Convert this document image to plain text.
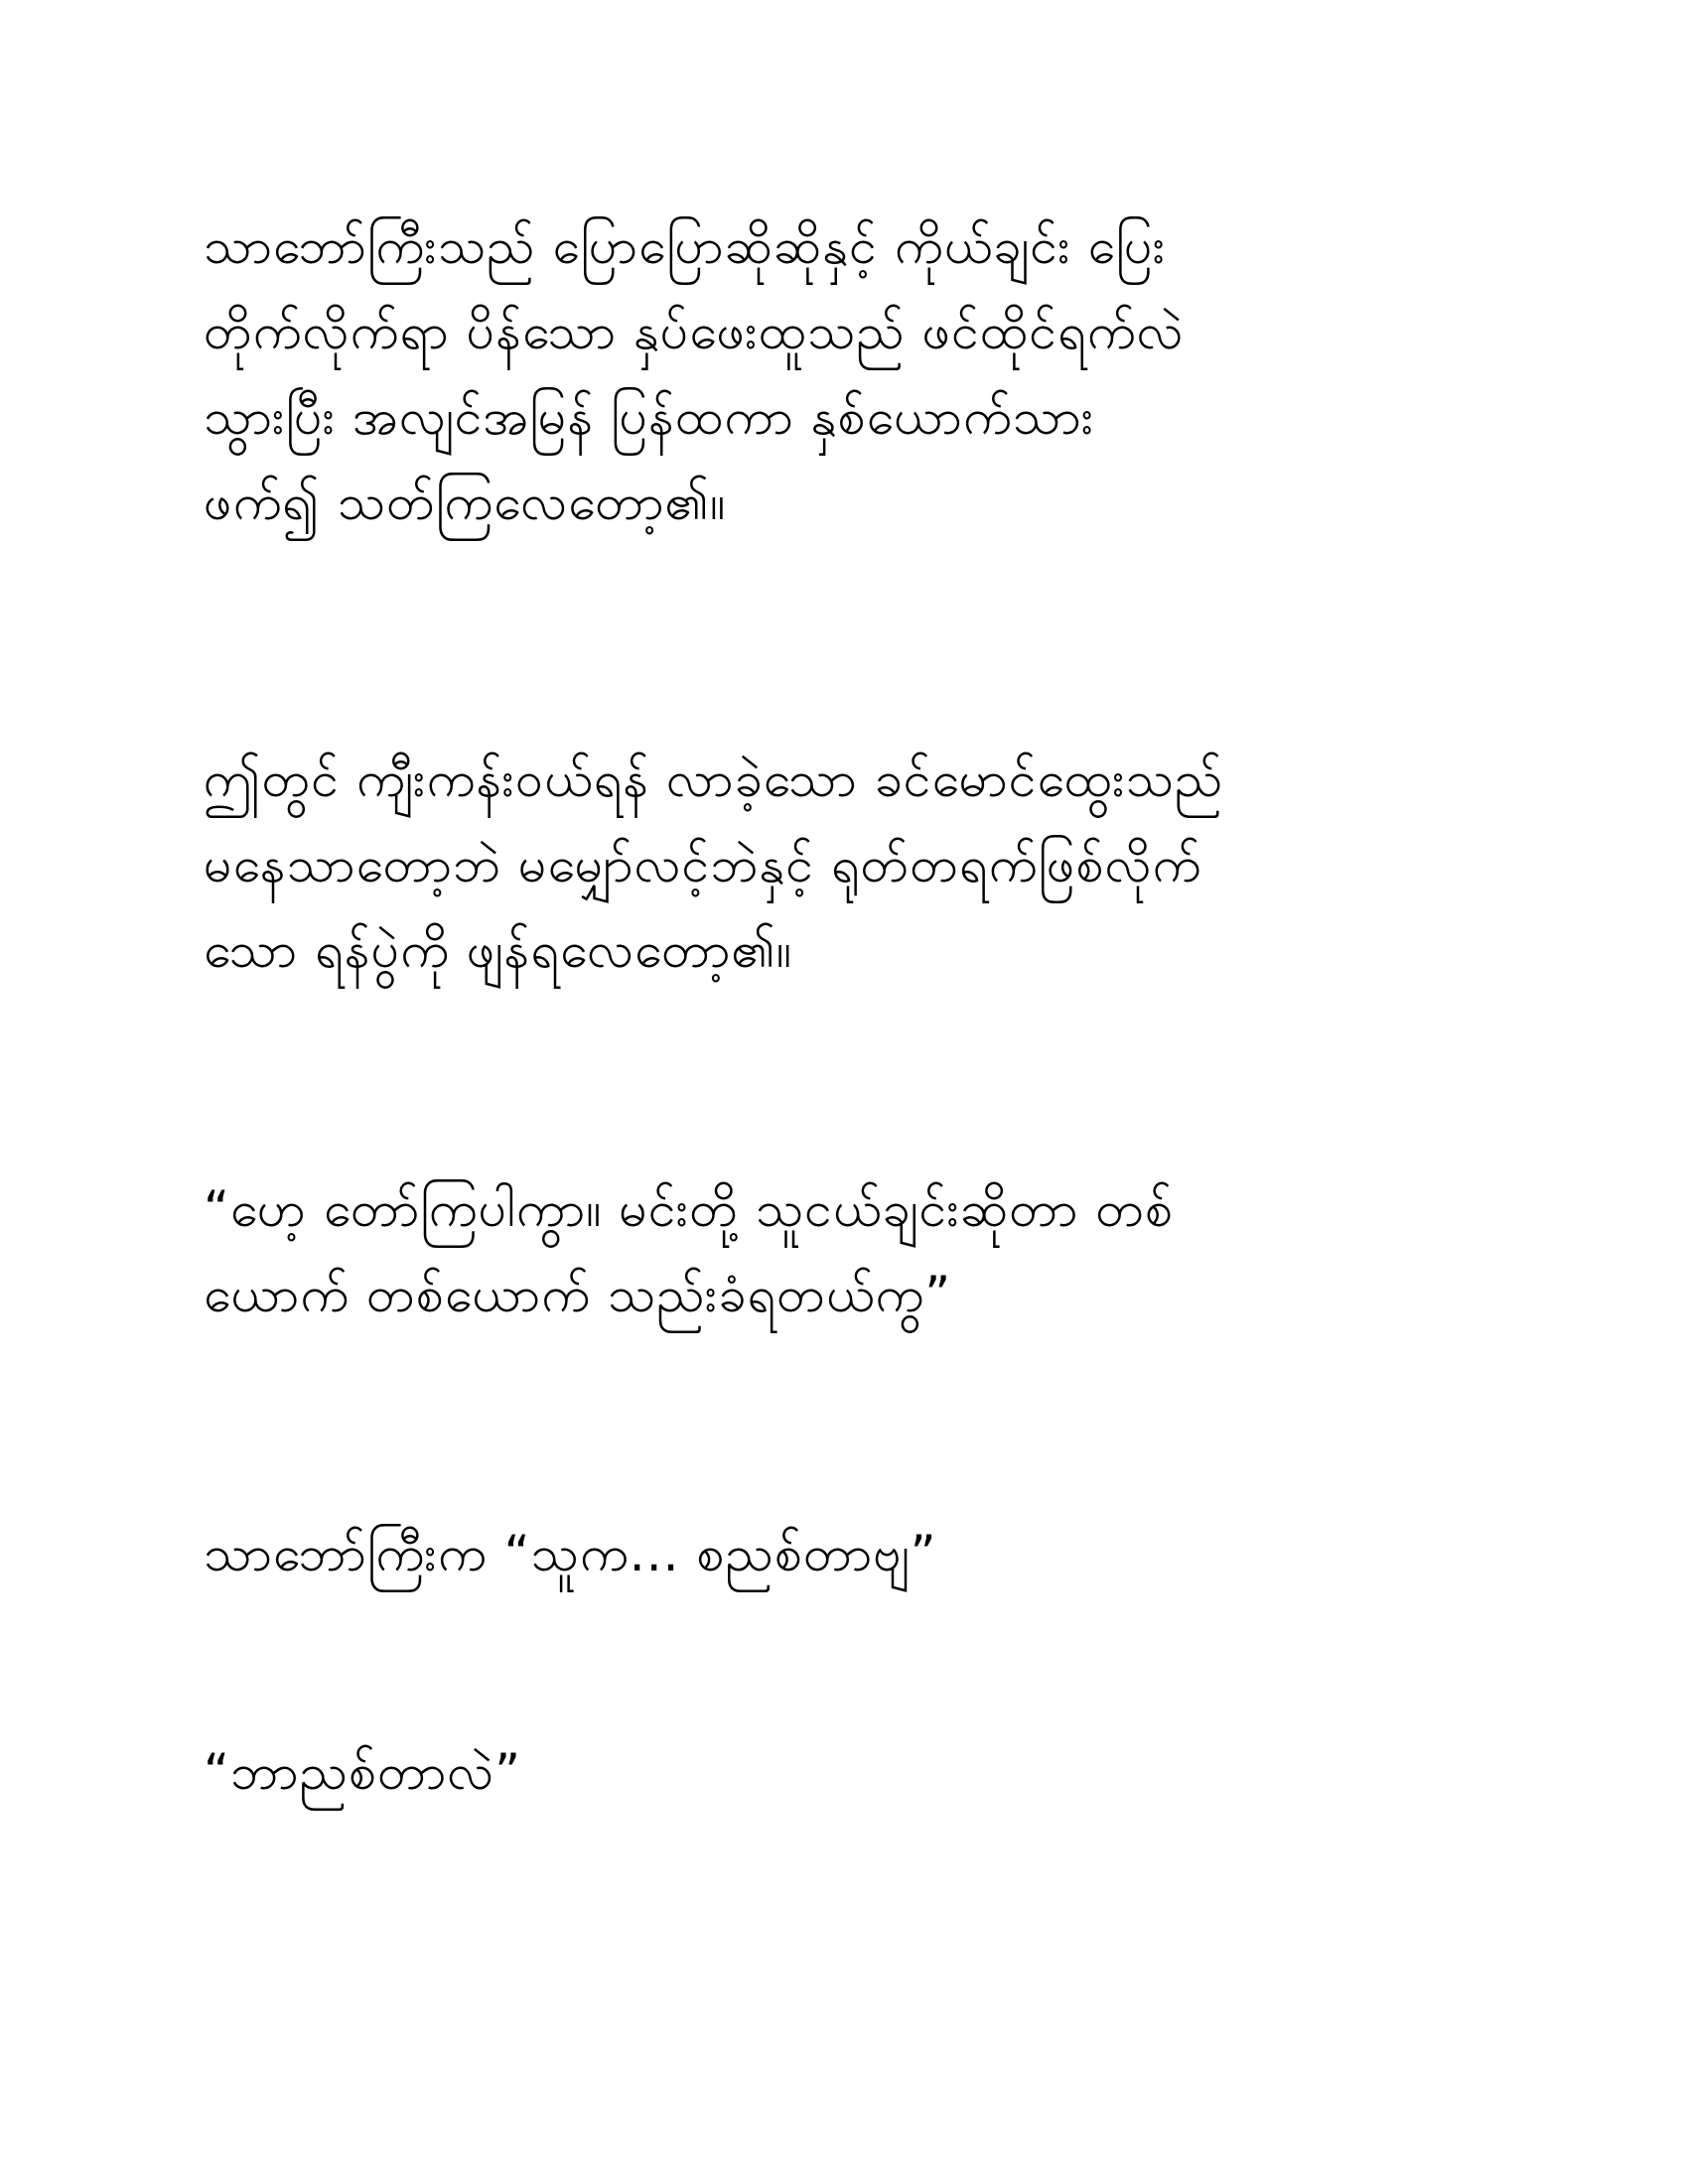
သာဘော်ကြီးသည် ပြောပြောဆိုဆိုနှင့် ကိုယ်ချင်း ပြေး
တိုက်လိုက်ရာ ပိန်သော နှပ်ဖေးထူသည် ဖင်ထိုင်ရက်လဲ
သွားပြီး အလျင်အမြန် ပြန်ထကာ နှစ်ယောက်သား
ဖက်၍ သတ်ကြလေတော့၏။
ဤတွင် ကျီးကန်းဝယ်ရန် လာခဲ့သော ခင်မောင်ထွေးသည်
မနေသာတော့ဘဲ မမျှော်လင့်ဘဲနှင့် ရုတ်တရက်ဖြစ်လိုက်
သော ရန်ပွဲကို ဖျန်ရလေတော့၏။
“ဟေ့ တော်ကြပါကွာ။ မင်းတို့ သူငယ်ချင်းဆိုတာ တစ်
ယောက် တစ်ယောက် သည်းခံရတယ်ကွ”
သာဘော်ကြီးက “သူက... စညစ်တာဗျ”
“ဘာညစ်တာလဲ”
